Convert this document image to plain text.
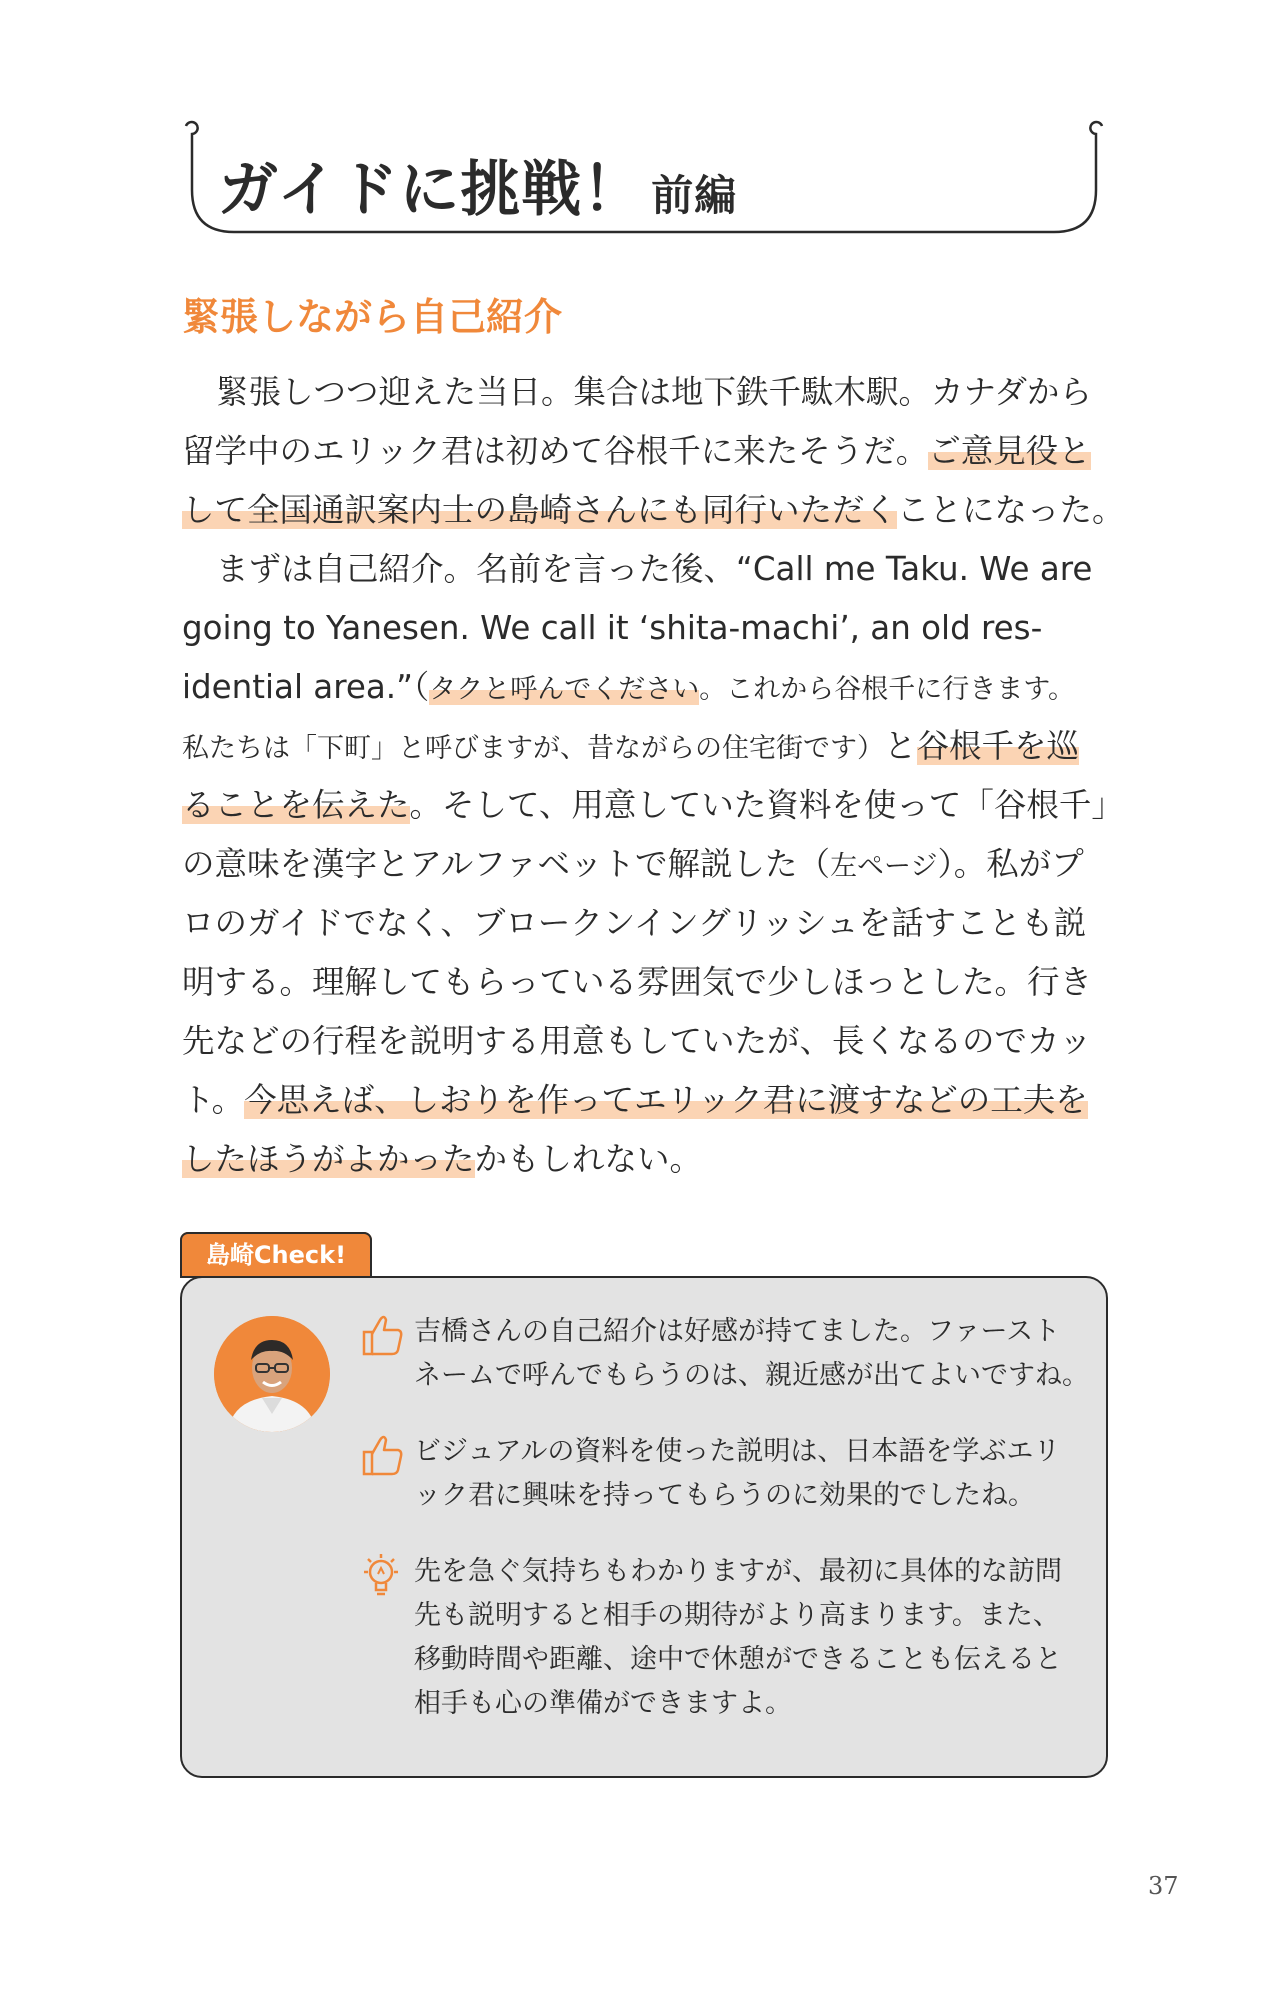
ガイドに挑戦！ 前編
緊張しながら自己紹介
緊張しつつ迎えた当日。集合は地下鉄千駄木駅。カナダから
留学中のエリック君は初めて谷根千に来たそうだ。ご意見役と
して全国通訳案内士の島崎さんにも同行いただくことになった。
まずは自己紹介。名前を言った後、“Call me Taku. We are
going to Yanesen. We call it ‘shita-machi’, an old res-
idential area.”（タクと呼んでください。これから谷根千に行きます。
私たちは「下町」と呼びますが、昔ながらの住宅街です）と谷根千を巡
ることを伝えた。そして、用意していた資料を使って「谷根千」
の意味を漢字とアルファベットで解説した（左ページ）。私がプ
ロのガイドでなく、ブロークンイングリッシュを話すことも説
明する。理解してもらっている雰囲気で少しほっとした。行き
先などの行程を説明する用意もしていたが、長くなるのでカッ
ト。今思えば、しおりを作ってエリック君に渡すなどの工夫を
したほうがよかったかもしれない。
島崎Check!
吉橋さんの自己紹介は好感が持てました。ファースト
ネームで呼んでもらうのは、親近感が出てよいですね。
ビジュアルの資料を使った説明は、日本語を学ぶエリ
ック君に興味を持ってもらうのに効果的でしたね。
先を急ぐ気持ちもわかりますが、最初に具体的な訪問
先も説明すると相手の期待がより高まります。また、
移動時間や距離、途中で休憩ができることも伝えると
相手も心の準備ができますよ。
37
